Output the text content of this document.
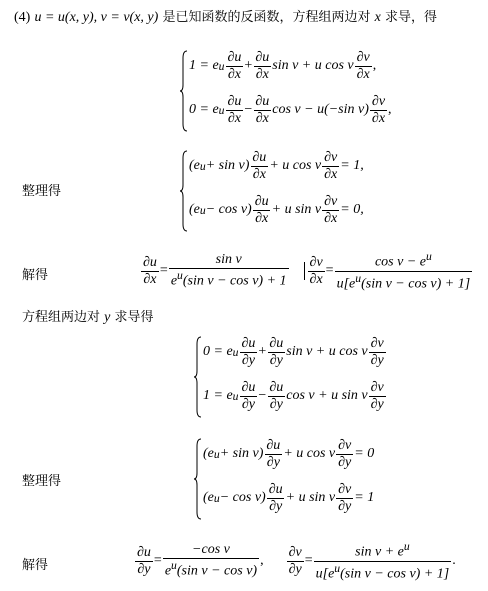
(4) u = u(x, y), v = v(x, y) 是已知函数的反函数，方程组两边对 x 求导，得
1 = e u $\frac{\partial u}{\partial x} + \frac{\partial u}{\partial x}$ sin v + u cos v $\frac{\partial v}{\partial x}$ ,
0 = e u $\frac{\partial u}{\partial x} - \frac{\partial u}{\partial x}$ cos v − u(−sin $v) \frac{\partial v}{\partial x}$ ,
整理得
(e $u + \sin v) \frac{\partial u}{\partial x} + u$ cos v $\frac{\partial v}{\partial x} = 1$,
(e $u - \cos v) \frac{\partial u}{\partial x} + u$ sin v $\frac{\partial v}{\partial x} = 0$,
解得	$\frac{\partial u}{\partial x} = \frac{\text{sin v}}{e^u(\sin v - \cos v) + 1} \frac{\partial v}{\partial x} = \frac{\cos v - e^u}{u[e^u(\sin v - \cos v) + 1]}$
方程组两边对 y 求导得
0 = e u $\frac{\partial u}{\partial y} + \frac{\partial u}{\partial y}$ sin v + u cos v $\frac{\partial v}{\partial y}$
1 = e u $\frac{\partial u}{\partial y} - \frac{\partial u}{\partial y}$ cos v + u sin v $\frac{\partial v}{\partial y}$
整理得
(e $u + \sin v) \frac{\partial u}{\partial y} + u$ cos v $\frac{\partial v}{\partial y} = 0$
(e $u - \cos v) \frac{\partial u}{\partial y} + u$ sin v $\frac{\partial v}{\partial y} = 1$
解得	$\frac{\partial u}{\partial y} = \frac{\text{−cos v}}{e^u(\sin v - \cos v)}$ , $\frac{\partial v}{\partial y} = \frac{\sin v + e^u}{u[e^u(\sin v - \cos v) + 1]}$ .
